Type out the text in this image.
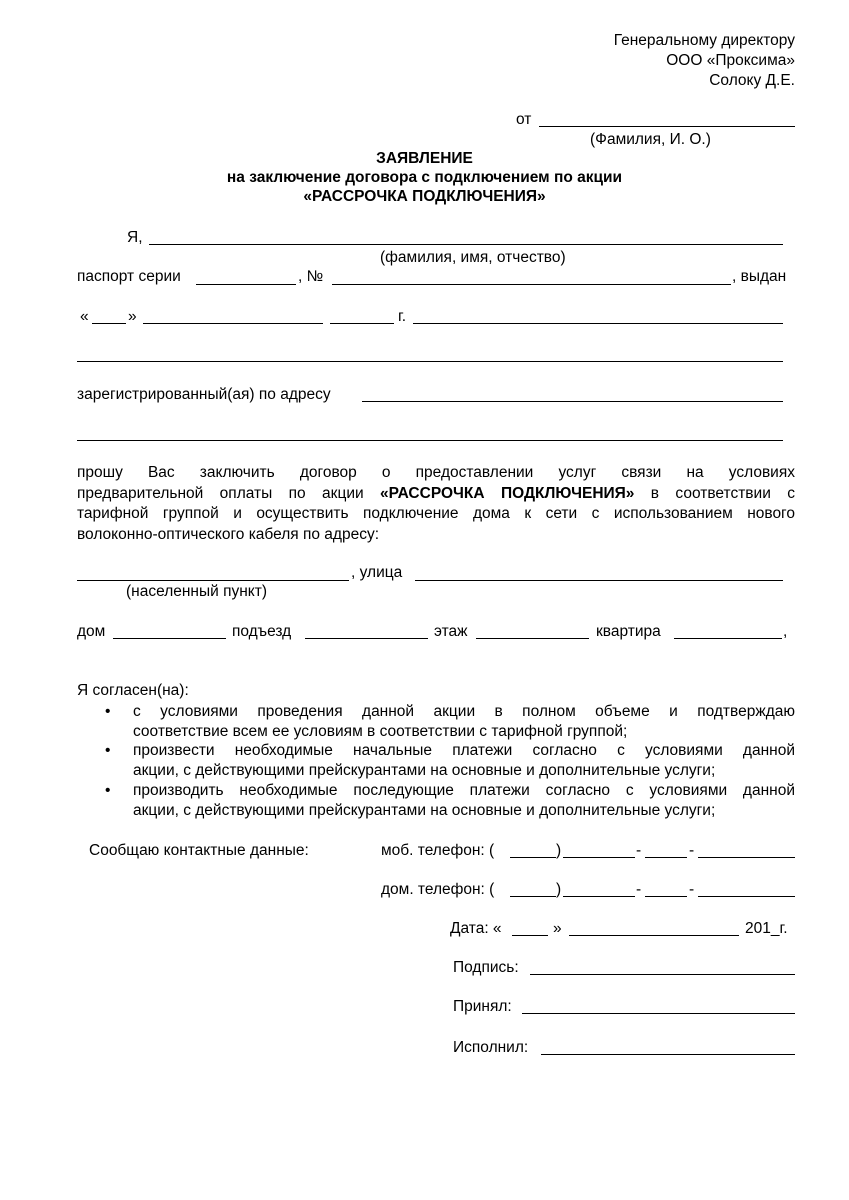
Генеральному директору
ООО «Проксима»
Солоку Д.Е.
от
(Фамилия, И. О.)
ЗАЯВЛЕНИЕ
на заключение договора с подключением по акции
«РАССРОЧКА ПОДКЛЮЧЕНИЯ»
Я,
(фамилия, имя, отчество)
паспорт серии	, №	, выдан
«	»	г.
зарегистрированный(ая) по адресу
прошу Вас заключить договор о предоставлении услуг связи на условиях
предварительной оплаты по акции «РАССРОЧКА ПОДКЛЮЧЕНИЯ» в соответствии с
тарифной группой и осуществить подключение дома к сети с использованием нового
волоконно-оптического кабеля по адресу:
, улица
(населенный пункт)
дом	подъезд	этаж	квартира	,
Я согласен(на):
• с условиями проведения данной акции в полном объеме и подтверждаю
соответствие всем ее условиям в соответствии с тарифной группой;
• произвести необходимые начальные платежи согласно с условиями данной
акции, с действующими прейскурантами на основные и дополнительные услуги;
• производить необходимые последующие платежи согласно с условиями данной
акции, с действующими прейскурантами на основные и дополнительные услуги;
Сообщаю контактные данные:	моб. телефон: (	)	-	-
дом. телефон: (	)	-	-
Дата: «	»	201_г.
Подпись:
Принял:
Исполнил:
